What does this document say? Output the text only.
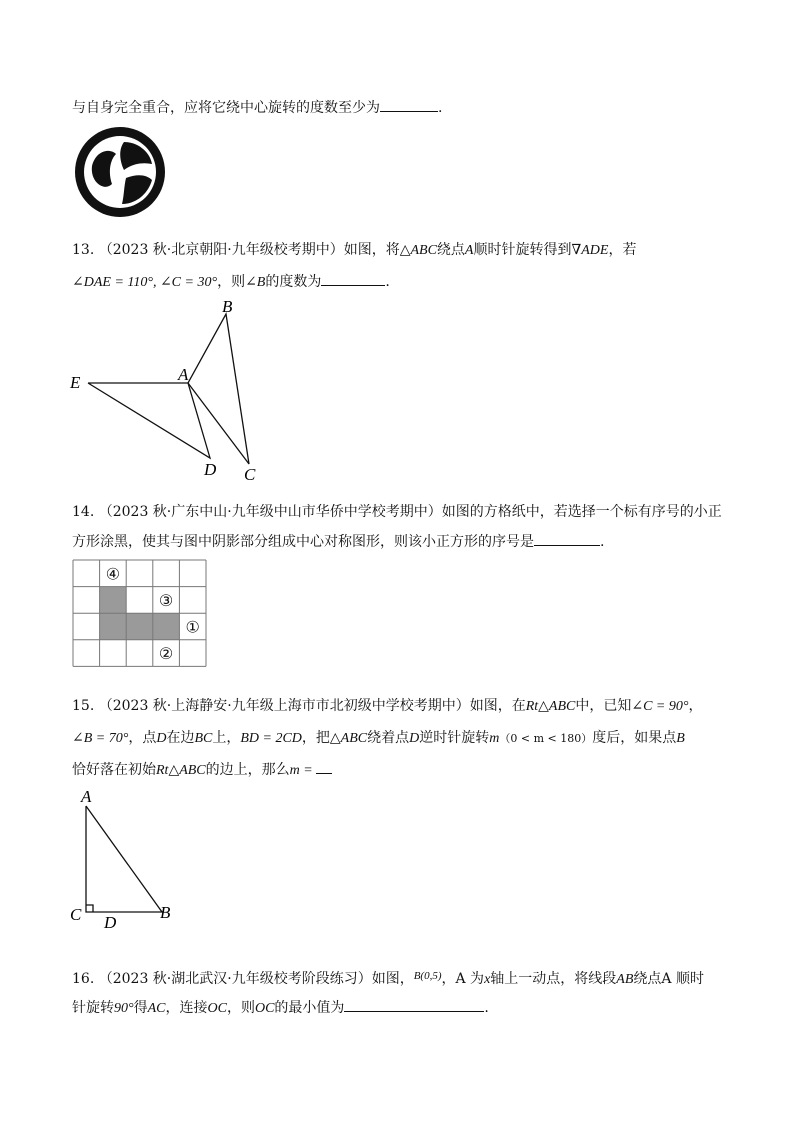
与自身完全重合，应将它绕中心旋转的度数至少为	.
13. （2023 秋·北京朝阳·九年级校考期中）如图，将△ABC绕点A顺时针旋转得到∇ADE，若
∠DAE = 110°, ∠C = 30°，则∠B的度数为	.
B
A
E
D C
14. （2023 秋·广东中山·九年级中山市华侨中学校考期中）如图的方格纸中，若选择一个标有序号的小正
方形涂黑，使其与图中阴影部分组成中心对称图形，则该小正方形的序号是	.
④
③
①
②
15. （2023 秋·上海静安·九年级上海市市北初级中学校考期中）如图，在Rt△ABC中，已知∠C = 90°，
∠B = 70°，点D在边BC上，BD = 2CD，把△ABC绕着点D逆时针旋转m（0 < m < 180）度后，如果点B
恰好落在初始Rt△ABC的边上，那么m =
A
C D
B
16. （2023 秋·湖北武汉·九年级校考阶段练习）如图，$^{B(0,5)}$，A 为x轴上一动点，将线段AB绕点A 顺时
针旋转90°得AC，连接OC，则OC的最小值为	.
